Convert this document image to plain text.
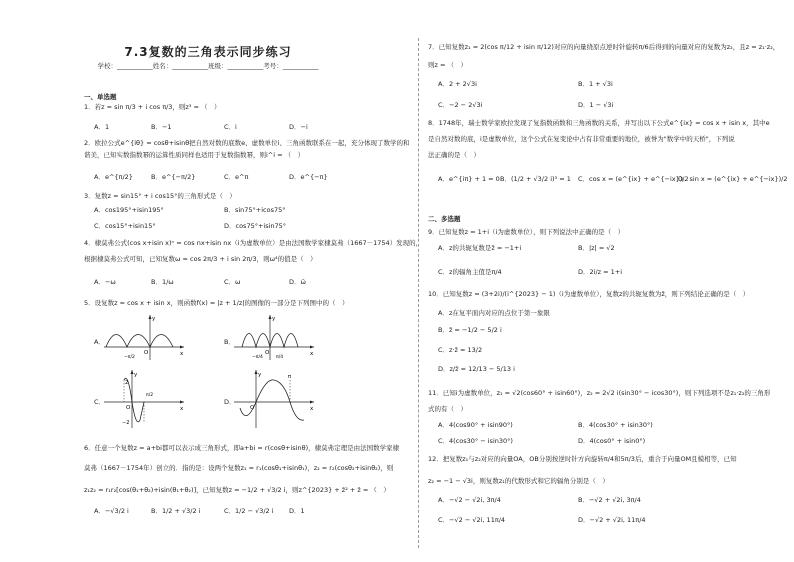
7.3复数的三角表示同步练习
学校：___________姓名：___________班级：___________考号：___________
一、单选题
1．若z = sin π/3 + i cos π/3，则z³ = （　）
A．1	B．−1	C．i	D．−i
2．欧拉公式e^{iθ} = cosθ+isinθ把自然对数的底数e、虚数单位i、三角函数联系在一起，充分体现了数学的和
谐美，已知实数指数幂的运算性质同样也适用于复数指数幂，则i^i = （　）
A．e^{π/2}	B．e^{−π/2}	C．e^π	D．e^{−π}
3．复数z = sin15° + i cos15°的三角形式是（　）
A．cos195°+isin195°	B．sin75°+icos75°
C．cos15°+isin15°	D．cos75°+isin75°
4．棣莫弗公式(cos x+isin x)ⁿ = cos nx+isin nx（i为虚数单位）是由法国数学家棣莫弗（1667－1754）发现的，
根据棣莫弗公式可知，已知复数ω = cos 2π/3 + i sin 2π/3，则ω⁴的值是（　）
A．−ω	B．1/ω	C．ω	D．ω̄
5．设复数z = cos x + isin x，则函数f(x) = |z + 1/z|的图像的一部分是下列图中的（　）
A．
y
x
O
−π/2
B．
y
x
O
−π/4	π/4
C．
y
x
O
2
−2
π/2
D．
y
x
O
π
6．任意一个复数z = a+bi都可以表示成三角形式，即a+bi = r(cosθ+isinθ)，棣莫弗定理是由法国数学家棣
莫弗（1667－1754年）创立的．指的是：设两个复数z₁ = r₁(cosθ₁+isinθ₁)，z₂ = r₂(cosθ₂+isinθ₂)，则
z₁z₂ = r₁r₂[cos(θ₁+θ₂)+isin(θ₁+θ₂)]，已知复数z = −1/2 + √3/2 i，则z^{2023} + z̄² + z̄ = （　）
A．−√3/2 i	B．1/2 + √3/2 i	C．1/2 − √3/2 i D．1
7．已知复数z₁ = 2(cos π/12 + isin π/12)对应的向量绕原点逆时针旋转π/6后得到的向量对应的复数为z₂，且z = z₁·z₂，
则z = （　）
A．2 + 2√3i	B．1 + √3i
C．−2 − 2√3i	D．1 − √3i
8．1748年，瑞士数学家欧拉发现了复指数函数和三角函数的关系，并写出以下公式e^{ix} = cos x + isin x，其中e
是自然对数的底，i是虚数单位，这个公式在复变论中占有非常重要的地位，被誉为"数学中的天桥"，下列说
法正确的是（　）
A．e^{iπ} + 1 = 0 B．(1/2 + √3/2 i)³ = 1 C．cos x = (e^{ix} + e^{−ix})/2
D．sin x = (e^{ix} + e^{−ix})/2
二、多选题
9．已知复数z = 1+i（i为虚数单位），则下列说法中正确的是（　）
A．z的共轭复数是z̄ = −1+i	B．|z| = √2
C．z的辐角主值是π/4	D．2i/z = 1+i
10．已知复数z = (3+2i)/(i^{2023} − 1)（i为虚数单位），复数z的共轭复数为z̄，则下列结论正确的是（　）
A．z在复平面内对应的点位于第一象限
B．z̄ = −1/2 − 5/2 i
C．z·z̄ = 13/2
D．z/z̄ = 12/13 − 5/13 i
11．已知i为虚数单位，z₁ = √2(cos60° + isin60°)，z₂ = 2√2 i(sin30° − icos30°)，则下列选项不是z₁·z₂的三角形
式的有（　）
A．4(cos90° + isin90°)	B．4(cos30° + isin30°)
C．4(cos30° − isin30°)	D．4(cos0° + isin0°)
12．把复数z₁与z₂对应的向量OA，OB分别按逆时针方向旋转π/4和5π/3后，重合于向量OM且模相等，已知
z₂ = −1 − √3i，则复数z₁的代数形式和它的辐角分别是（　）
A．−√2 − √2i, 3π/4	B．−√2 + √2i, 3π/4
C．−√2 − √2i, 11π/4	D．−√2 + √2i, 11π/4
